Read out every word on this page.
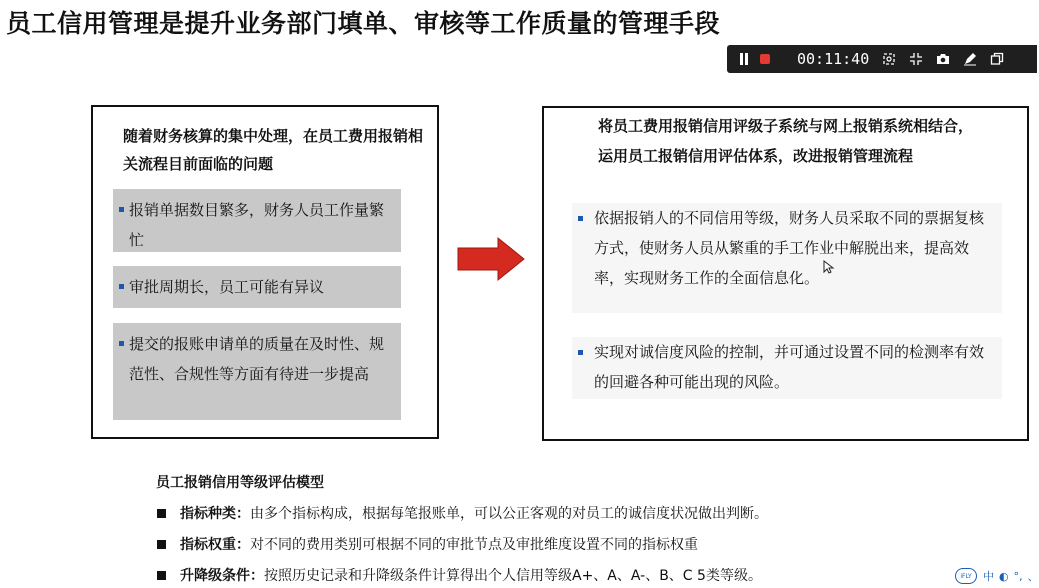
员工信用管理是提升业务部门填单、审核等工作质量的管理手段
00:11:40
随着财务核算的集中处理，在员工费用报销相关流程目前面临的问题
报销单据数目繁多，财务人员工作量繁忙
审批周期长，员工可能有异议
提交的报账申请单的质量在及时性、规范性、合规性等方面有待进一步提高
将员工费用报销信用评级子系统与网上报销系统相结合，运用员工报销信用评估体系，改进报销管理流程
依据报销人的不同信用等级，财务人员采取不同的票据复核方式，使财务人员从繁重的手工作业中解脱出来，提高效率，实现财务工作的全面信息化。
实现对诚信度风险的控制，并可通过设置不同的检测率有效的回避各种可能出现的风险。
员工报销信用等级评估模型
指标种类： 由多个指标构成，根据每笔报账单，可以公正客观的对员工的诚信度状况做出判断。
指标权重： 对不同的费用类别可根据不同的审批节点及审批维度设置不同的指标权重
升降级条件： 按照历史记录和升降级条件计算得出个人信用等级A+、A、A-、B、C 5类等级。	iFLY	中 ◐ °, 、
